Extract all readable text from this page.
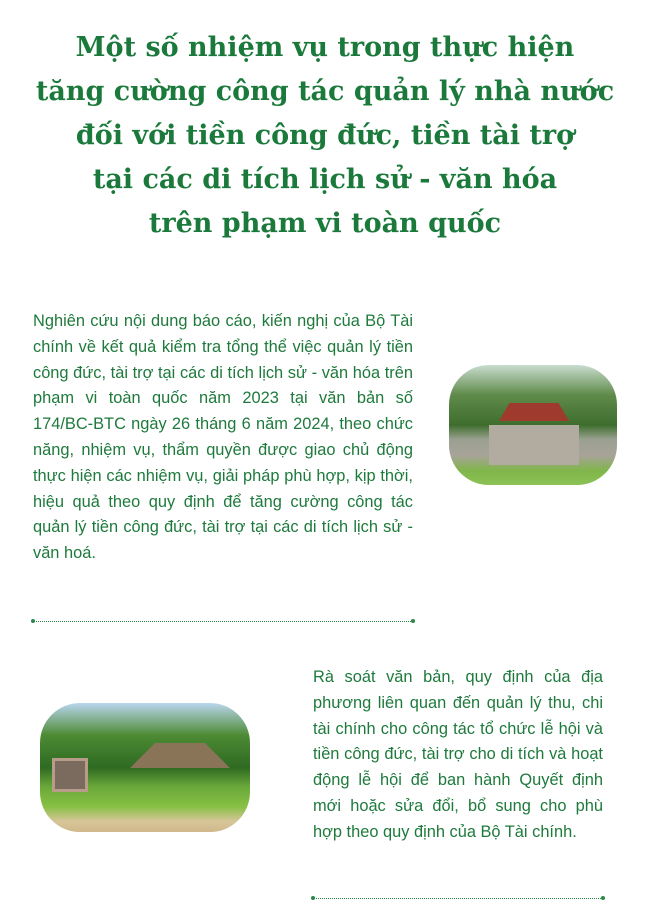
Một số nhiệm vụ trong thực hiện
tăng cường công tác quản lý nhà nước
đối với tiền công đức, tiền tài trợ
tại các di tích lịch sử - văn hóa
trên phạm vi toàn quốc

Nghiên cứu nội dung báo cáo, kiến nghị của Bộ Tài chính về kết quả kiểm tra tổng thể việc quản lý tiền công đức, tài trợ tại các di tích lịch sử - văn hóa trên phạm vi toàn quốc năm 2023 tại văn bản số 174/BC-BTC ngày 26 tháng 6 năm 2024, theo chức năng, nhiệm vụ, thẩm quyền được giao chủ động thực hiện các nhiệm vụ, giải pháp phù hợp, kịp thời, hiệu quả theo quy định để tăng cường công tác quản lý tiền công đức, tài trợ tại các di tích lịch sử - văn hoá.

Rà soát văn bản, quy định của địa phương liên quan đến quản lý thu, chi tài chính cho công tác tổ chức lễ hội và tiền công đức, tài trợ cho di tích và hoạt động lễ hội để ban hành Quyết định mới hoặc sửa đổi, bổ sung cho phù hợp theo quy định của Bộ Tài chính.
